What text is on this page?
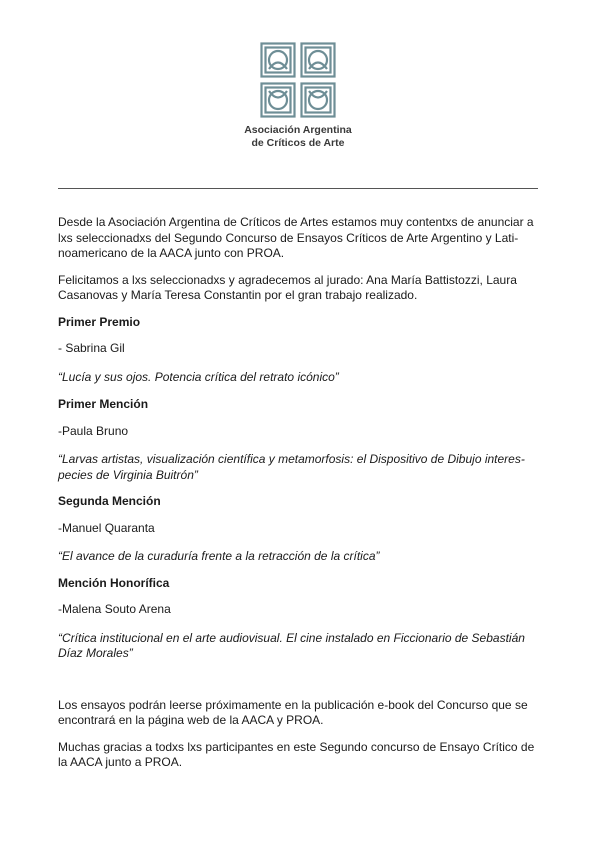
Asociación Argentina
de Críticos de Arte

Desde la Asociación Argentina de Críticos de Artes estamos muy contentxs de anunciar a lxs seleccionadxs del Segundo Concurso de Ensayos Críticos de Arte Argentino y Lati-noamericano de la AACA junto con PROA.

Felicitamos a lxs seleccionadxs y agradecemos al jurado: Ana María Battistozzi, Laura Casanovas y María Teresa Constantin por el gran trabajo realizado.

Primer Premio

- Sabrina Gil

“Lucía y sus ojos. Potencia crítica del retrato icónico”

Primer Mención

-Paula Bruno

“Larvas artistas, visualización científica y metamorfosis: el Dispositivo de Dibujo interes-pecies de Virginia Buitrón”

Segunda Mención

-Manuel Quaranta

“El avance de la curaduría frente a la retracción de la crítica”

Mención Honorífica

-Malena Souto Arena

“Crítica institucional en el arte audiovisual. El cine instalado en Ficcionario de Sebastián Díaz Morales”

Los ensayos podrán leerse próximamente en la publicación e-book del Concurso que se encontrará en la página web de la AACA y PROA.

Muchas gracias a todxs lxs participantes en este Segundo concurso de Ensayo Crítico de la AACA junto a PROA.
